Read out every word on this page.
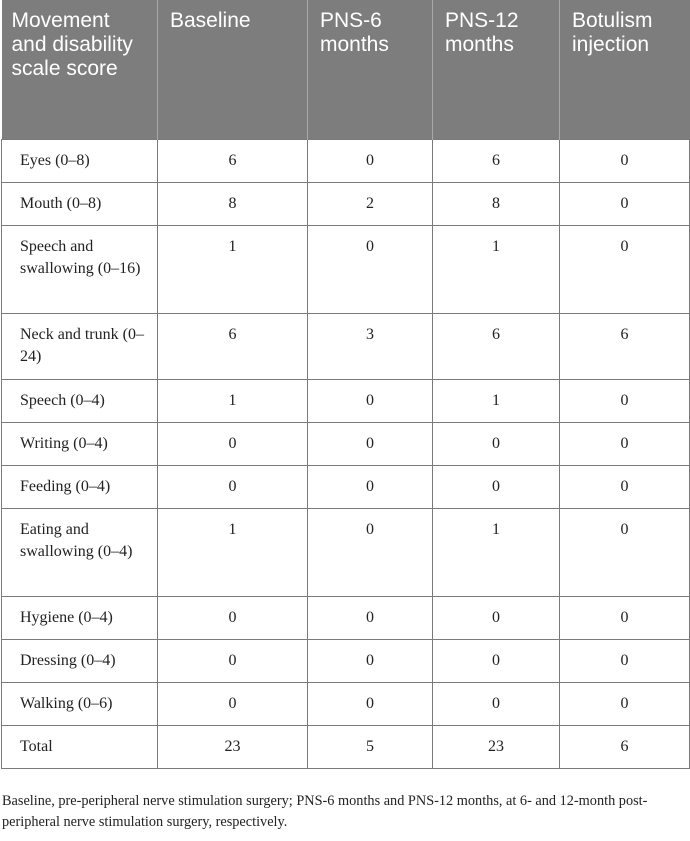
Movement and disability scale score	Baseline	PNS-6 months	PNS-12 months	Botulism injection
Eyes (0–8)	6	0	6	0
Mouth (0–8)	8	2	8	0
Speech and swallowing (0–16)	1	0	1	0
Neck and trunk (0–24)	6	3	6	6
Speech (0–4)	1	0	1	0
Writing (0–4)	0	0	0	0
Feeding (0–4)	0	0	0	0
Eating and swallowing (0–4)	1	0	1	0
Hygiene (0–4)	0	0	0	0
Dressing (0–4)	0	0	0	0
Walking (0–6)	0	0	0	0
Total	23	5	23	6
Baseline, pre-peripheral nerve stimulation surgery; PNS-6 months and PNS-12 months, at 6- and 12-month post-peripheral nerve stimulation surgery, respectively.
